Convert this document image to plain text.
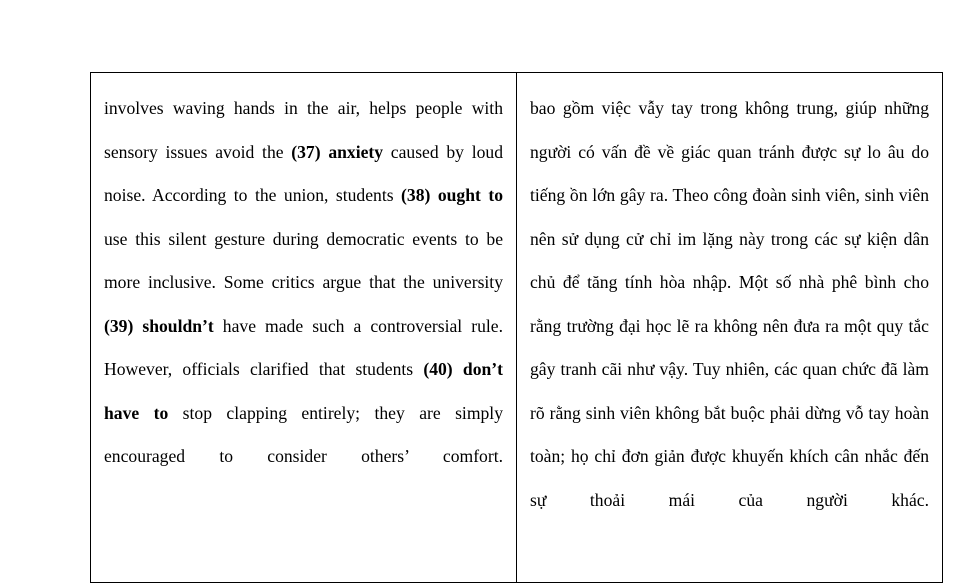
involves waving hands in the air, helps people with sensory issues avoid the (37) anxiety caused by loud noise. According to the union, students (38) ought to use this silent gesture during democratic events to be more inclusive. Some critics argue that the university (39) shouldn’t have made such a controversial rule. However, officials clarified that students (40) don’t have to stop clapping entirely; they are simply encouraged to consider others’ comfort.

bao gồm việc vẫy tay trong không trung, giúp những người có vấn đề về giác quan tránh được sự lo âu do tiếng ồn lớn gây ra. Theo công đoàn sinh viên, sinh viên nên sử dụng cử chỉ im lặng này trong các sự kiện dân chủ để tăng tính hòa nhập. Một số nhà phê bình cho rằng trường đại học lẽ ra không nên đưa ra một quy tắc gây tranh cãi như vậy. Tuy nhiên, các quan chức đã làm rõ rằng sinh viên không bắt buộc phải dừng vỗ tay hoàn toàn; họ chỉ đơn giản được khuyến khích cân nhắc đến sự thoải mái của người khác.
